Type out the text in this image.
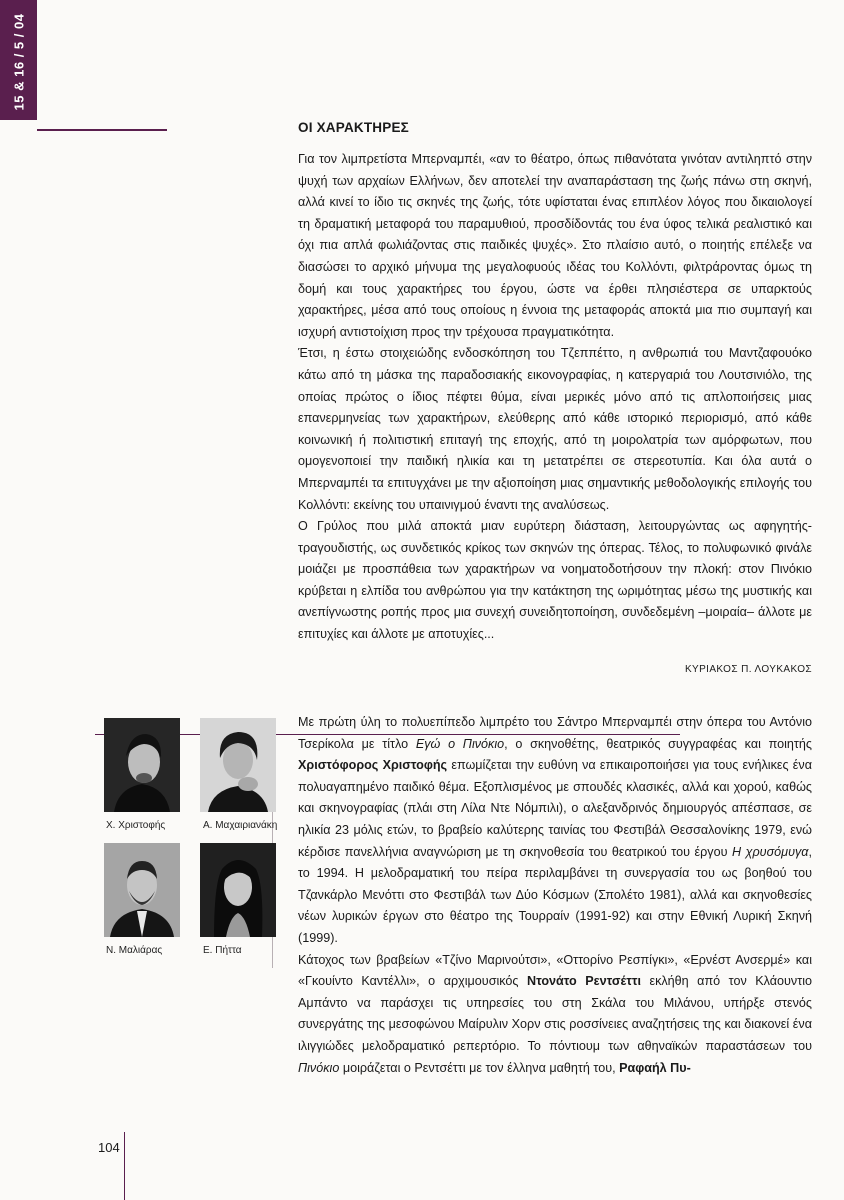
15 & 16 / 5 / 04
ΟΙ ΧΑΡΑΚΤΗΡΕΣ

Για τον λιμπρετίστα Μπερναμπέι, «αν το θέατρο, όπως πιθανότατα γινόταν αντιληπτό στην ψυχή των αρχαίων Ελλήνων, δεν αποτελεί την αναπαράσταση της ζωής πάνω στη σκηνή, αλλά κινεί το ίδιο τις σκηνές της ζωής, τότε υφίσταται ένας επιπλέον λόγος που δικαιολογεί τη δραματική μεταφορά του παραμυθιού, προσδίδοντάς του ένα ύφος τελικά ρεαλιστικό και όχι πια απλά φωλιάζοντας στις παιδικές ψυχές». Στο πλαίσιο αυτό, ο ποιητής επέλεξε να διασώσει το αρχικό μήνυμα της μεγαλοφυούς ιδέας του Κολλόντι, φιλτράροντας όμως τη δομή και τους χαρακτήρες του έργου, ώστε να έρθει πλησιέστερα σε υπαρκτούς χαρακτήρες, μέσα από τους οποίους η έννοια της μεταφοράς αποκτά μια πιο συμπαγή και ισχυρή αντιστοίχιση προς την τρέχουσα πραγματικότητα.

Έτσι, η έστω στοιχειώδης ενδοσκόπηση του Τζεππέττο, η ανθρωπιά του Μαντζαφουόκο κάτω από τη μάσκα της παραδοσιακής εικονογραφίας, η κατεργαριά του Λουτσινιόλο, της οποίας πρώτος ο ίδιος πέφτει θύμα, είναι μερικές μόνο από τις απλοποιήσεις μιας επανερμηνείας των χαρακτήρων, ελεύθερης από κάθε ιστορικό περιορισμό, από κάθε κοινωνική ή πολιτιστική επιταγή της εποχής, από τη μοιρολατρία των αμόρφωτων, που ομογενοποιεί την παιδική ηλικία και τη μετατρέπει σε στερεοτυπία. Και όλα αυτά ο Μπερναμπέι τα επιτυγχάνει με την αξιοποίηση μιας σημαντικής μεθοδολογικής επιλογής του Κολλόντι: εκείνης του υπαινιγμού έναντι της αναλύσεως.

Ο Γρύλος που μιλά αποκτά μιαν ευρύτερη διάσταση, λειτουργώντας ως αφηγητής-τραγουδιστής, ως συνδετικός κρίκος των σκηνών της όπερας. Τέλος, το πολυφωνικό φινάλε μοιάζει με προσπάθεια των χαρακτήρων να νοηματοδοτήσουν την πλοκή: στον Πινόκιο κρύβεται η ελπίδα του ανθρώπου για την κατάκτηση της ωριμότητας μέσω της μυστικής και ανεπίγνωστης ροπής προς μια συνεχή συνειδητοποίηση, συνδεδεμένη –μοιραία– άλλοτε με επιτυχίες και άλλοτε με αποτυχίες...

ΚΥΡΙΑΚΟΣ Π. ΛΟΥΚΑΚΟΣ
Χ. Χριστοφής	Α. Μαχαιριανάκη
Ν. Μαλιάρας	Ε. Πήττα

Με πρώτη ύλη το πολυεπίπεδο λιμπρέτο του Σάντρο Μπερναμπέι στην όπερα του Αντόνιο Τσερίκολα με τίτλο Εγώ ο Πινόκιο, ο σκηνοθέτης, θεατρικός συγγραφέας και ποιητής Χριστόφορος Χριστοφής επωμίζεται την ευθύνη να επικαιροποιήσει για τους ενήλικες ένα πολυαγαπημένο παιδικό θέμα. Εξοπλισμένος με σπουδές κλασικές, αλλά και χορού, καθώς και σκηνογραφίας (πλάι στη Λίλα Ντε Νόμπιλι), ο αλεξανδρινός δημιουργός απέσπασε, σε ηλικία 23 μόλις ετών, το βραβείο καλύτερης ταινίας του Φεστιβάλ Θεσσαλονίκης 1979, ενώ κέρδισε πανελλήνια αναγνώριση με τη σκηνοθεσία του θεατρικού του έργου Η χρυσόμυγα, το 1994. Η μελοδραματική του πείρα περιλαμβάνει τη συνεργασία του ως βοηθού του Τζανκάρλο Μενόττι στο Φεστιβάλ των Δύο Κόσμων (Σπολέτο 1981), αλλά και σκηνοθεσίες νέων λυρικών έργων στο θέατρο της Τουρραίν (1991-92) και στην Εθνική Λυρική Σκηνή (1999).

Κάτοχος των βραβείων «Τζίνο Μαρινούτσι», «Οττορίνο Ρεσπίγκι», «Ερνέστ Ανσερμέ» και «Γκουίντο Καντέλλι», ο αρχιμουσικός Ντονάτο Ρεντσέττι εκλήθη από τον Κλάουντιο Αμπάντο να παράσχει τις υπηρεσίες του στη Σκάλα του Μιλάνου, υπήρξε στενός συνεργάτης της μεσοφώνου Μαίρυλιν Χορν στις ροσσίνειες αναζητήσεις της και διακονεί ένα ιλιγγιώδες μελοδραματικό ρεπερτόριο. Το πόντιουμ των αθηναϊκών παραστάσεων του Πινόκιο μοιράζεται ο Ρεντσέττι με τον έλληνα μαθητή του, Ραφαήλ Πυ-

104
